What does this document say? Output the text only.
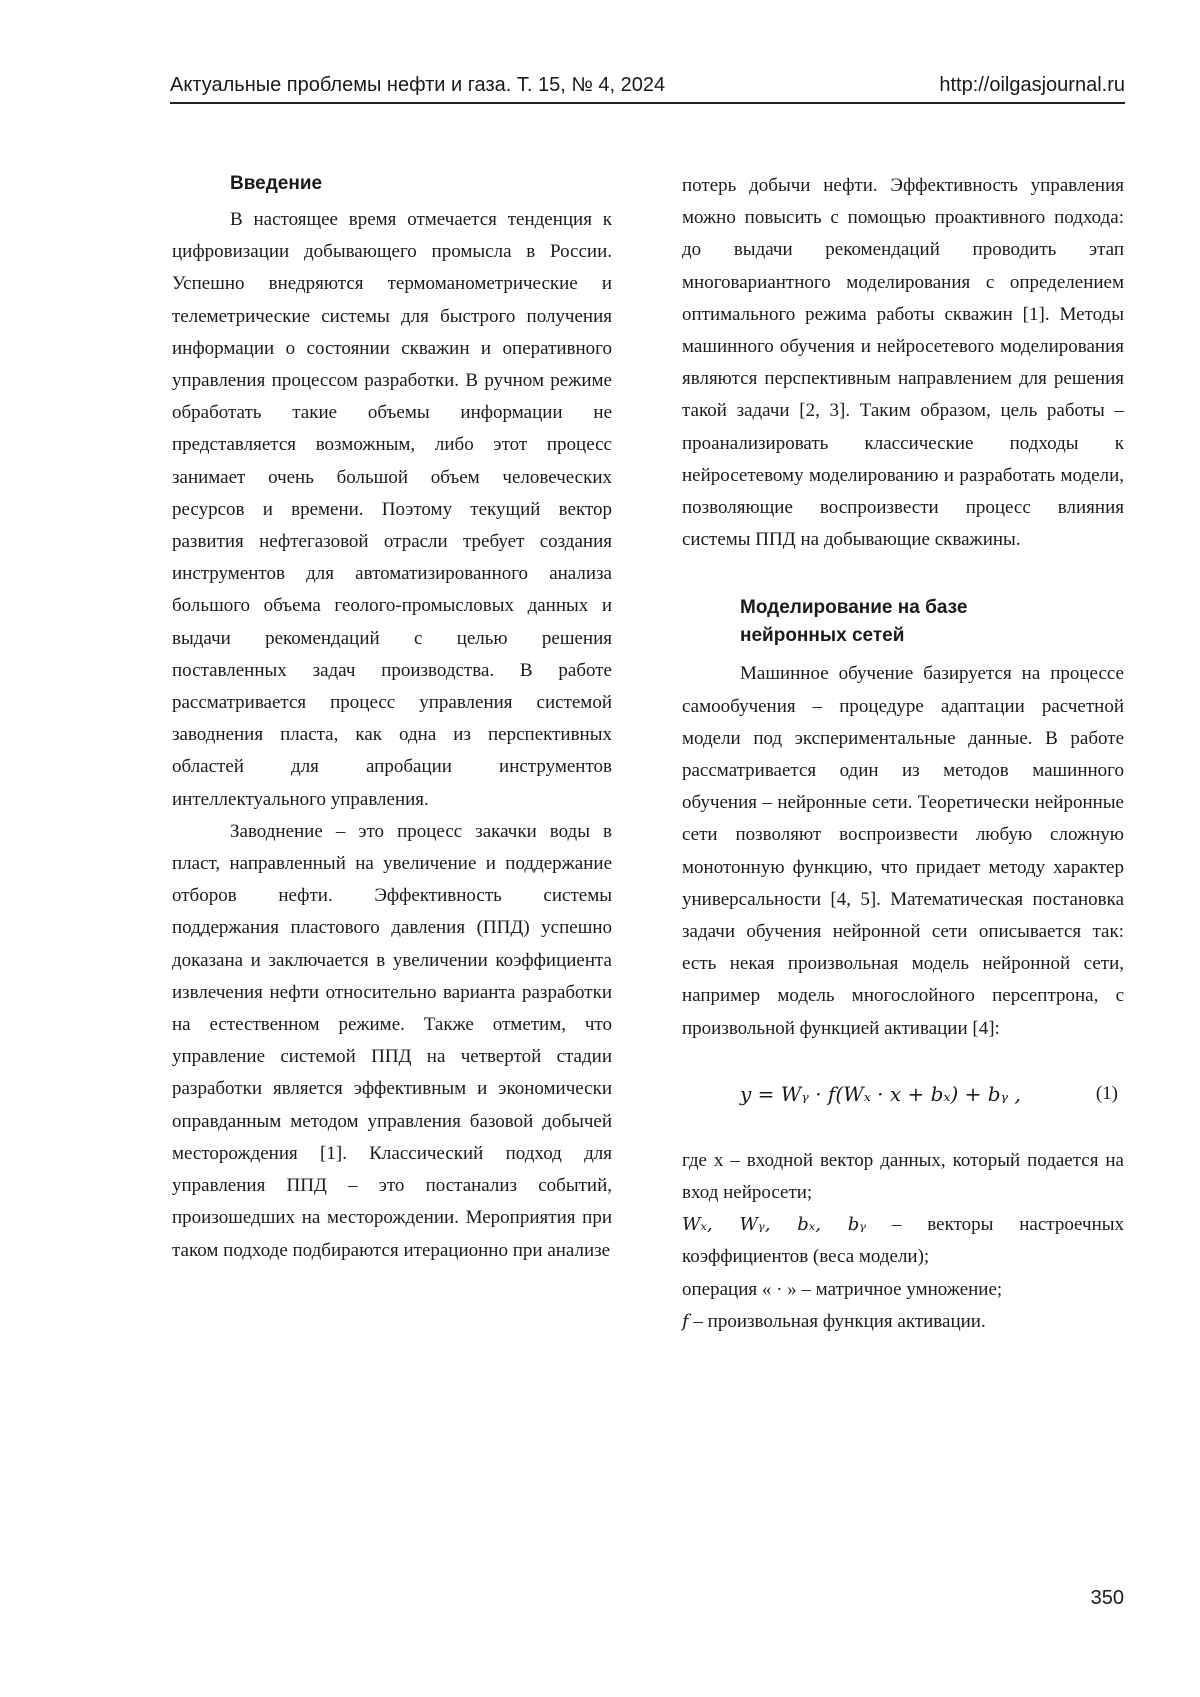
Актуальные проблемы нефти и газа. Т. 15, № 4, 2024	http://oilgasjournal.ru
Введение

В настоящее время отмечается тенденция к цифровизации добывающего промысла в России. Успешно внедряются термоманометрические и телеметрические системы для быстрого получения информации о состоянии скважин и оперативного управления процессом разработки. В ручном режиме обработать такие объемы информации не представляется возможным, либо этот процесс занимает очень большой объем человеческих ресурсов и времени. Поэтому текущий вектор развития нефтегазовой отрасли требует создания инструментов для автоматизированного анализа большого объема геолого-промысловых данных и выдачи рекомендаций с целью решения поставленных задач производства. В работе рассматривается процесс управления системой заводнения пласта, как одна из перспективных областей для апробации инструментов интеллектуального управления.

Заводнение – это процесс закачки воды в пласт, направленный на увеличение и поддержание отборов нефти. Эффективность системы поддержания пластового давления (ППД) успешно доказана и заключается в увеличении коэффициента извлечения нефти относительно варианта разработки на естественном режиме. Также отметим, что управление системой ППД на четвертой стадии разработки является эффективным и экономически оправданным методом управления базовой добычей месторождения [1]. Классический подход для управления ППД – это постанализ событий, произошедших на месторождении. Мероприятия при таком подходе подбираются итерационно при анализе

потерь добычи нефти. Эффективность управления можно повысить с помощью проактивного подхода: до выдачи рекомендаций проводить этап многовариантного моделирования с определением оптимального режима работы скважин [1]. Методы машинного обучения и нейросетевого моделирования являются перспективным направлением для решения такой задачи [2, 3]. Таким образом, цель работы – проанализировать классические подходы к нейросетевому моделированию и разработать модели, позволяющие воспроизвести процесс влияния системы ППД на добывающие скважины.

Моделирование на базе
нейронных сетей

Машинное обучение базируется на процессе самообучения – процедуре адаптации расчетной модели под экспериментальные данные. В работе рассматривается один из методов машинного обучения – нейронные сети. Теоретически нейронные сети позволяют воспроизвести любую сложную монотонную функцию, что придает методу характер универсальности [4, 5]. Математическая постановка задачи обучения нейронной сети описывается так: есть некая произвольная модель нейронной сети, например модель многослойного персептрона, с произвольной функцией активации [4]:

y = Wᵧ · f(Wₓ · x + bₓ) + bᵧ ,	(1)

где x – входной вектор данных, который подается на вход нейросети;

Wₓ, Wᵧ, bₓ, bᵧ – векторы настроечных коэффициентов (веса модели);

операция « · » – матричное умножение;

f – произвольная функция активации.

350
